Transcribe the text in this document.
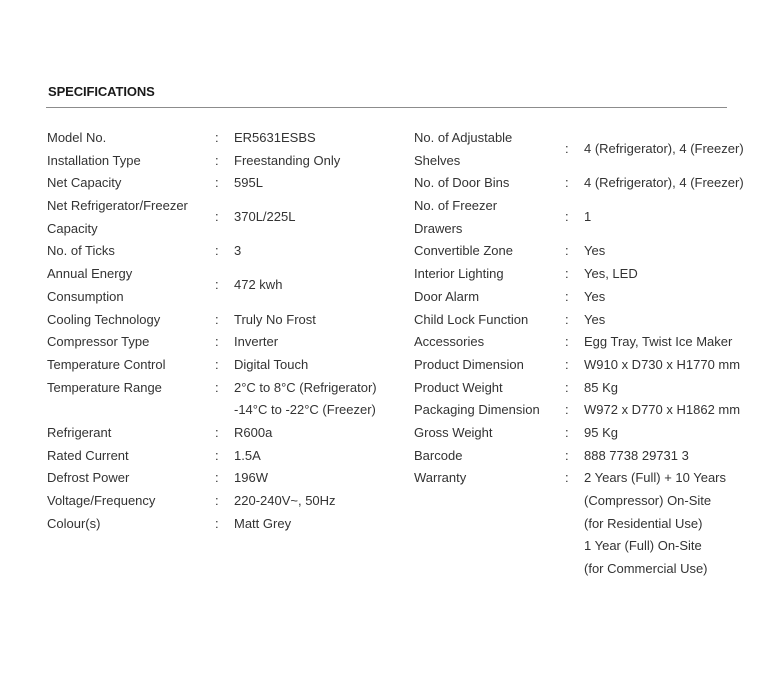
SPECIFICATIONS
Model No.	: ER5631ESBS
Installation Type	: Freestanding Only
Net Capacity	: 595L
Net Refrigerator/Freezer
Capacity
: 370L/225L
No. of Ticks	: 3
Annual Energy
Consumption
: 472 kwh
Cooling Technology	: Truly No Frost
Compressor Type	: Inverter
Temperature Control	: Digital Touch
Temperature Range	: 2°C to 8°C (Refrigerator)
-14°C to -22°C (Freezer)
Refrigerant	: R600a
Rated Current	: 1.5A
Defrost Power	: 196W
Voltage/Frequency	: 220-240V~, 50Hz
Colour(s)	: Matt Grey
No. of Adjustable
Shelves
: 4 (Refrigerator), 4 (Freezer)
No. of Door Bins	: 4 (Refrigerator), 4 (Freezer)
No. of Freezer
Drawers
: 1
Convertible Zone	: Yes
Interior Lighting	: Yes, LED
Door Alarm	: Yes
Child Lock Function	: Yes
Accessories	: Egg Tray, Twist Ice Maker
Product Dimension	: W910 x D730 x H1770 mm
Product Weight	: 85 Kg
Packaging Dimension : W972 x D770 x H1862 mm
Gross Weight	: 95 Kg
Barcode	: 888 7738 29731 3
Warranty	: 2 Years (Full) + 10 Years
(Compressor) On-Site
(for Residential Use)
1 Year (Full) On-Site
(for Commercial Use)
